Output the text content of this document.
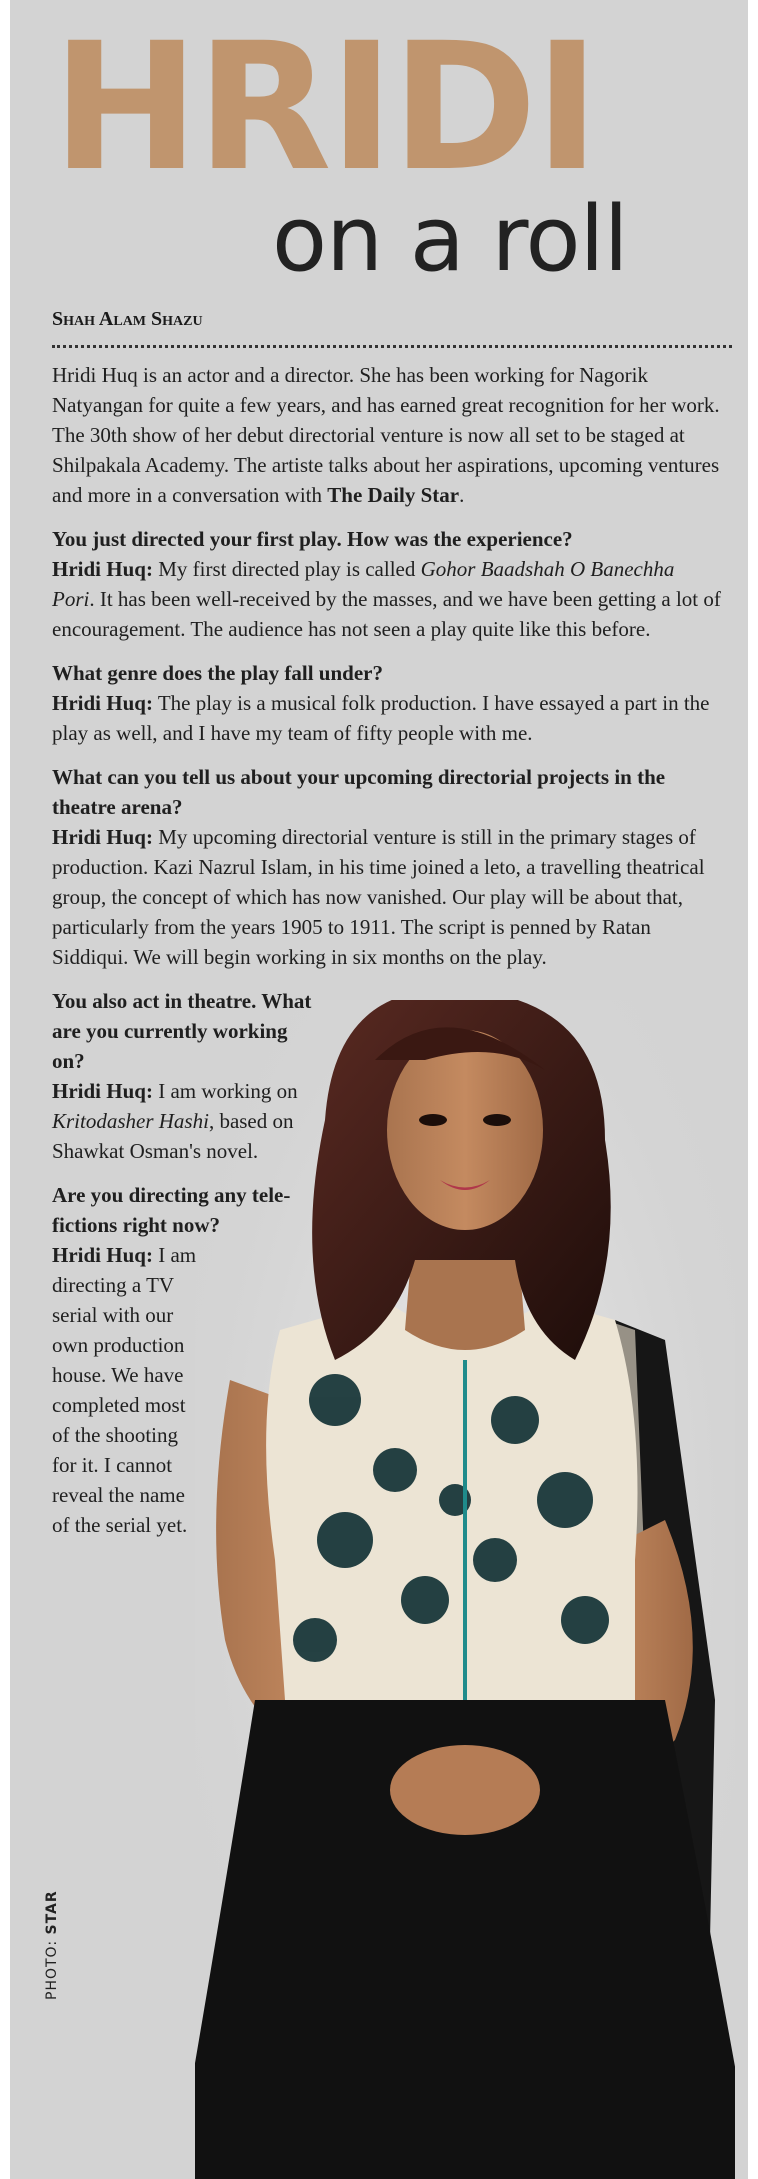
HRIDI
on a roll
Shah Alam Shazu

Hridi Huq is an actor and a director. She has been working for Nagorik Natyangan for quite a few years, and has earned great recognition for her work. The 30th show of her debut directorial venture is now all set to be staged at Shilpakala Academy. The artiste talks about her aspirations, upcoming ventures and more in a conversation with The Daily Star.

You just directed your first play. How was the experience?
Hridi Huq: My first directed play is called Gohor Baadshah O Banechha Pori. It has been well-received by the masses, and we have been getting a lot of encouragement. The audience has not seen a play quite like this before.

What genre does the play fall under?
Hridi Huq: The play is a musical folk production. I have essayed a part in the play as well, and I have my team of fifty people with me.

What can you tell us about your upcoming directorial projects in the theatre arena?
Hridi Huq: My upcoming directorial venture is still in the primary stages of production. Kazi Nazrul Islam, in his time joined a leto, a travelling theatrical group, the concept of which has now vanished. Our play will be about that, particularly from the years 1905 to 1911. The script is penned by Ratan Siddiqui. We will begin working in six months on the play.

You also act in theatre. What are you currently working on?
Hridi Huq: I am working on Kritodasher Hashi, based on Shawkat Osman's novel.

Are you directing any tele-fictions right now?
Hridi Huq: I am directing a TV serial with our own production house. We have completed most of the shooting for it. I cannot reveal the name of the serial yet.

PHOTO: STAR
